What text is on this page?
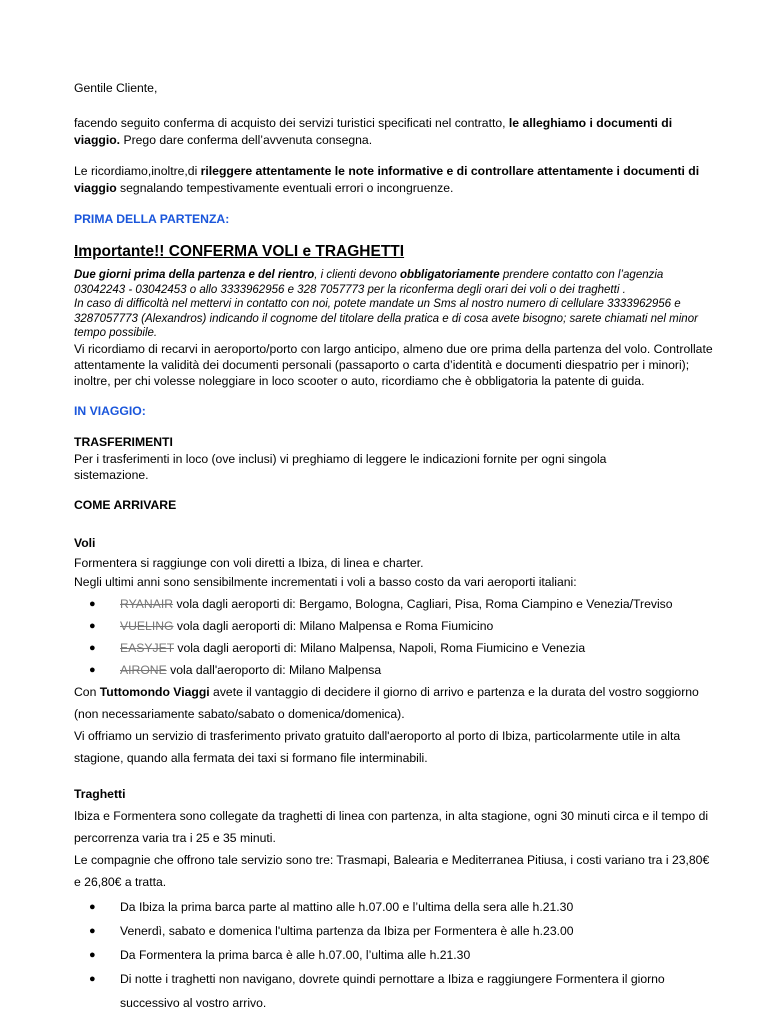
Gentile Cliente,

facendo seguito conferma di acquisto dei servizi turistici specificati nel contratto, le alleghiamo i documenti di viaggio. Prego dare conferma dell’avvenuta consegna.

Le ricordiamo,inoltre,di rileggere attentamente le note informative e di controllare attentamente i documenti di viaggio segnalando tempestivamente eventuali errori o incongruenze.

PRIMA DELLA PARTENZA:

Importante!! CONFERMA VOLI e TRAGHETTI

Due giorni prima della partenza e del rientro, i clienti devono obbligatoriamente prendere contatto con l’agenzia 03042243 - 03042453 o allo 3333962956 e 328 7057773 per la riconferma degli orari dei voli o dei traghetti .

In caso di difficoltà nel mettervi in contatto con noi, potete mandate un Sms al nostro numero di cellulare 3333962956 e 3287057773 (Alexandros) indicando il cognome del titolare della pratica e di cosa avete bisogno; sarete chiamati nel minor tempo possibile.

Vi ricordiamo di recarvi in aeroporto/porto con largo anticipo, almeno due ore prima della partenza del volo. Controllate attentamente la validità dei documenti personali (passaporto o carta d’identità e documenti diespatrio per i minori); inoltre, per chi volesse noleggiare in loco scooter o auto, ricordiamo che è obbligatoria la patente di guida.

IN VIAGGIO:

TRASFERIMENTI

Per i trasferimenti in loco (ove inclusi) vi preghiamo di leggere le indicazioni fornite per ogni singola sistemazione.

COME ARRIVARE

Voli

Formentera si raggiunge con voli diretti a Ibiza, di linea e charter.

Negli ultimi anni sono sensibilmente incrementati i voli a basso costo da vari aeroporti italiani:

● RYANAIR vola dagli aeroporti di: Bergamo, Bologna, Cagliari, Pisa, Roma Ciampino e Venezia/Treviso
● VUELING vola dagli aeroporti di: Milano Malpensa e Roma Fiumicino
● EASYJET vola dagli aeroporti di: Milano Malpensa, Napoli, Roma Fiumicino e Venezia
● AIRONE vola dall'aeroporto di: Milano Malpensa

Con Tuttomondo Viaggi avete il vantaggio di decidere il giorno di arrivo e partenza e la durata del vostro soggiorno (non necessariamente sabato/sabato o domenica/domenica).

Vi offriamo un servizio di trasferimento privato gratuito dall'aeroporto al porto di Ibiza, particolarmente utile in alta stagione, quando alla fermata dei taxi si formano file interminabili.

Traghetti

Ibiza e Formentera sono collegate da traghetti di linea con partenza, in alta stagione, ogni 30 minuti circa e il tempo di percorrenza varia tra i 25 e 35 minuti.

Le compagnie che offrono tale servizio sono tre: Trasmapi, Balearia e Mediterranea Pitiusa, i costi variano tra i 23,80€ e 26,80€ a tratta.

● Da Ibiza la prima barca parte al mattino alle h.07.00 e l’ultima della sera alle h.21.30
● Venerdì, sabato e domenica l'ultima partenza da Ibiza per Formentera è alle h.23.00
● Da Formentera la prima barca è alle h.07.00, l’ultima alle h.21.30
● Di notte i traghetti non navigano, dovrete quindi pernottare a Ibiza e raggiungere Formentera il giorno successivo al vostro arrivo.
